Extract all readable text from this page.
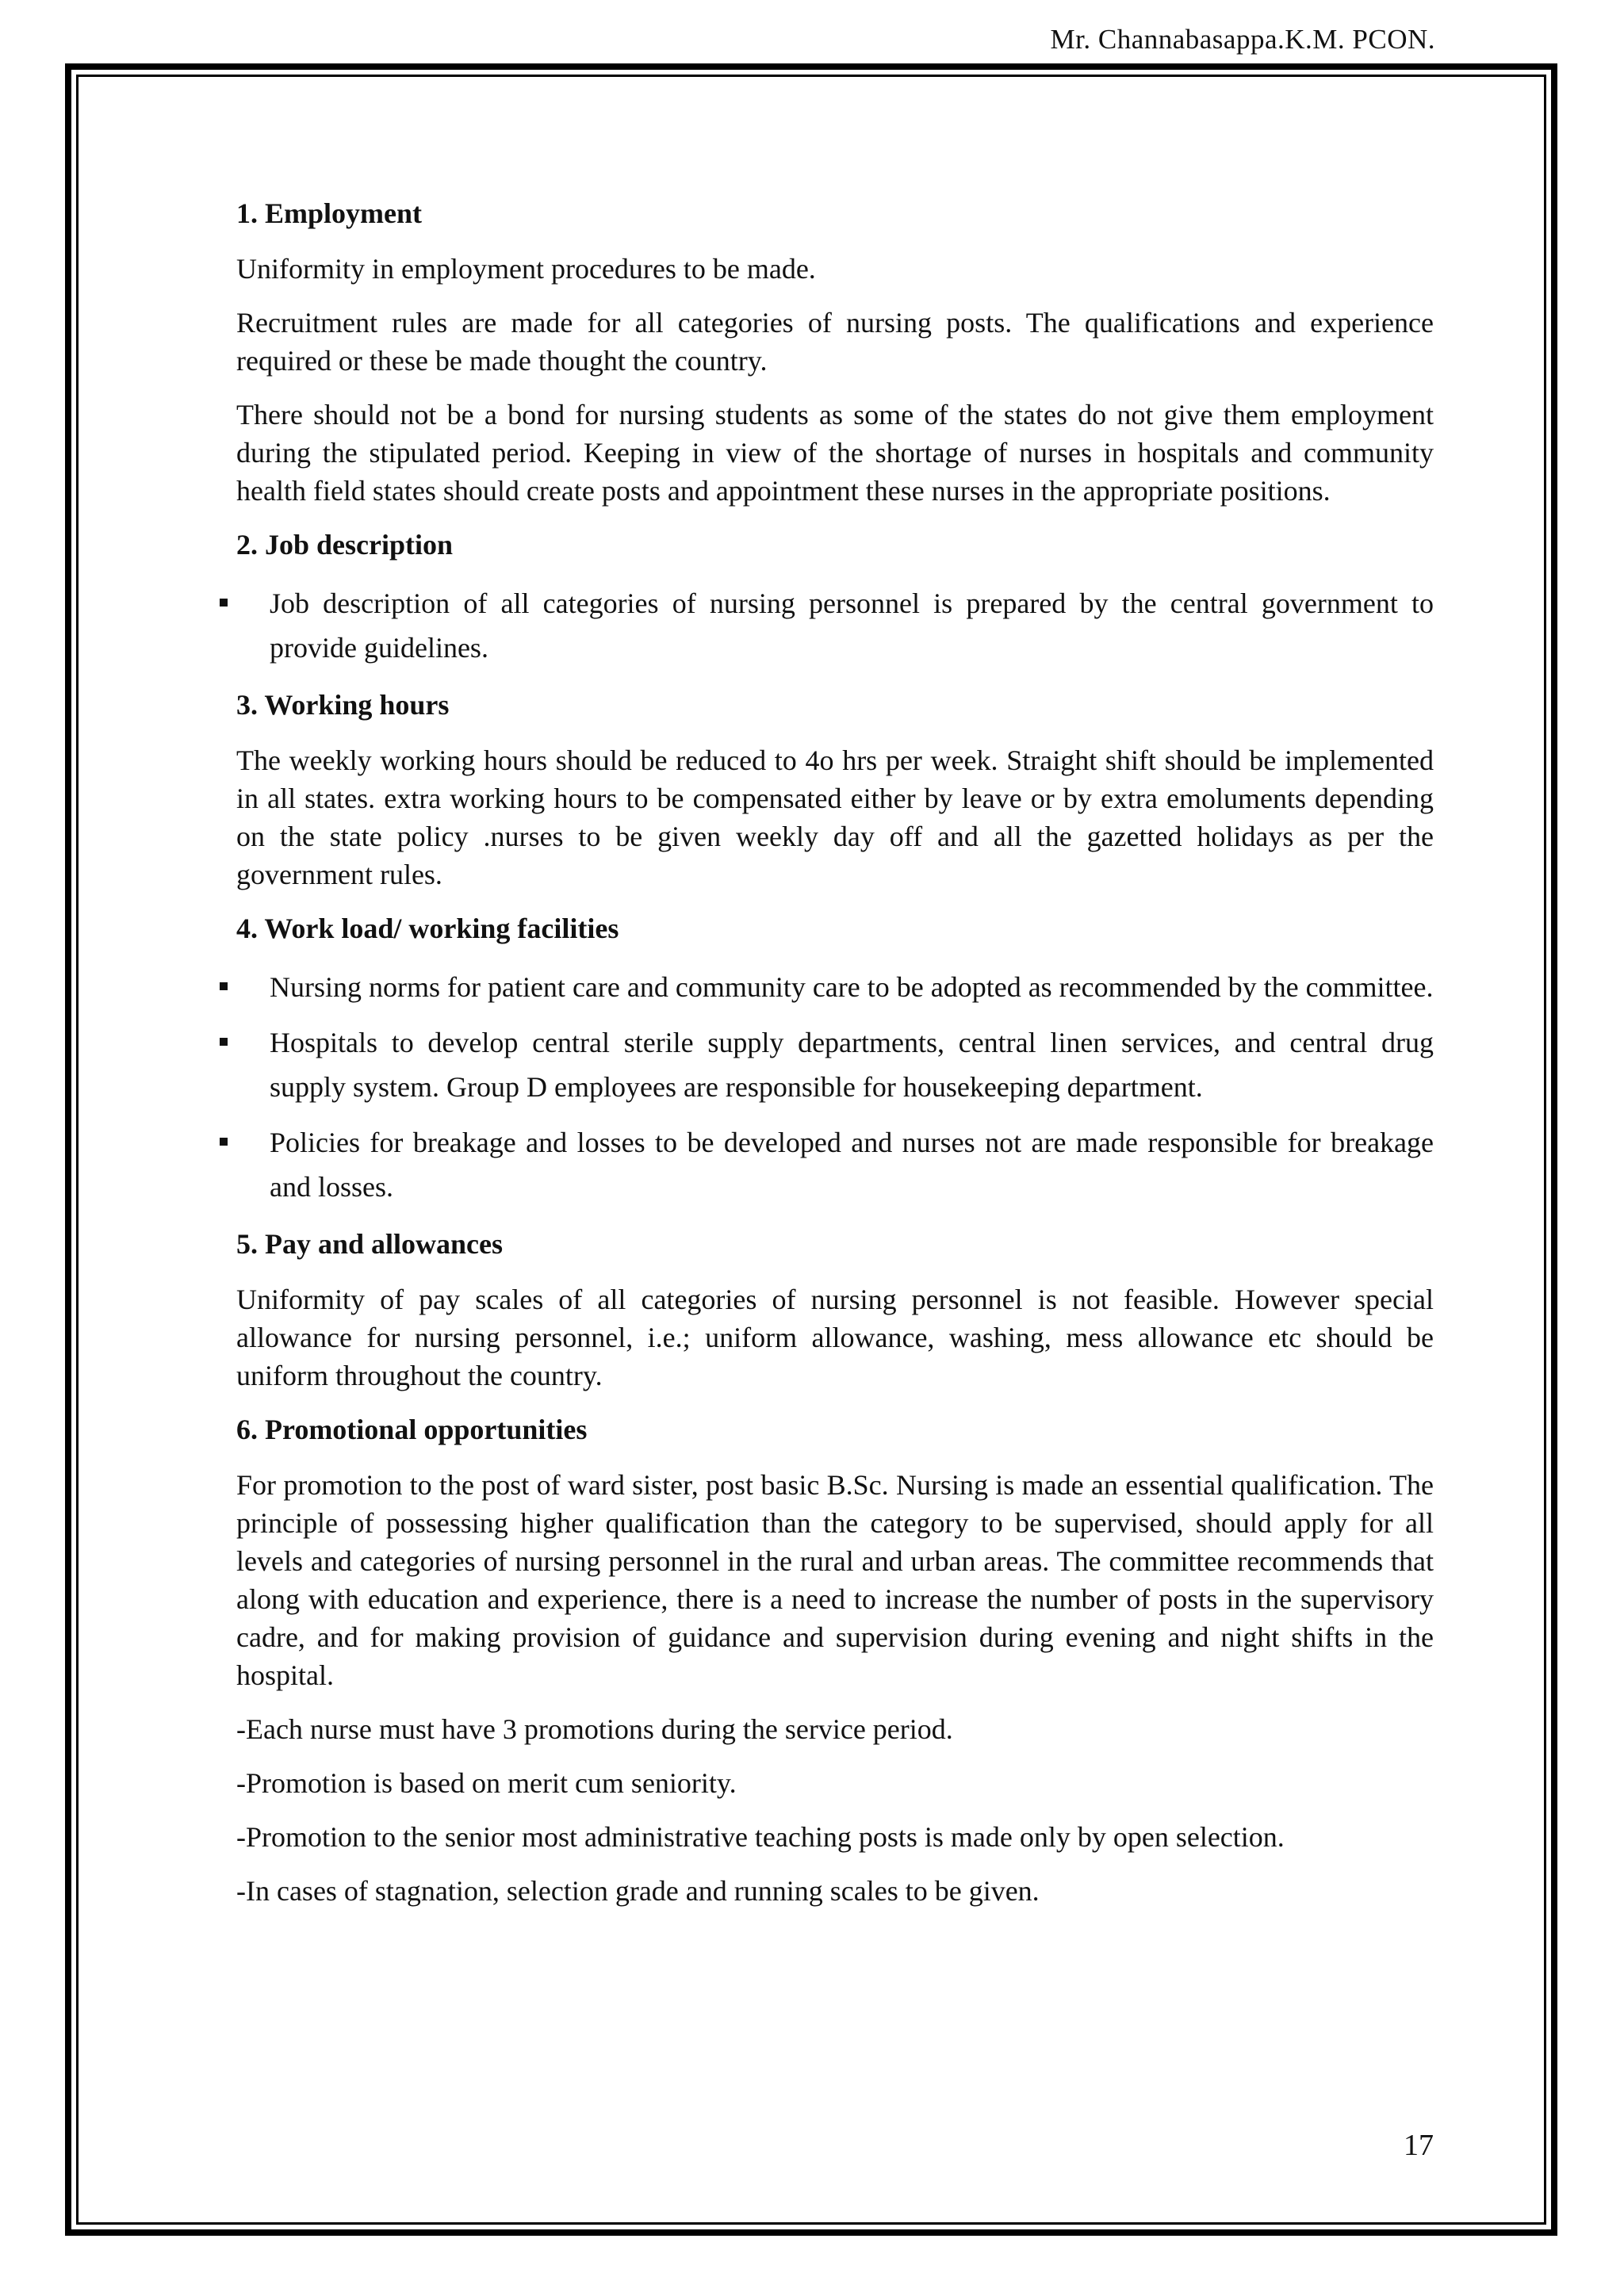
Mr. Channabasappa.K.M. PCON.
1. Employment

Uniformity in employment procedures to be made.

Recruitment rules are made for all categories of nursing posts. The qualifications and experience required or these be made thought the country.

There should not be a bond for nursing students as some of the states do not give them employment during the stipulated period. Keeping in view of the shortage of nurses in hospitals and community health field states should create posts and appointment these nurses in the appropriate positions.

2. Job description
Job description of all categories of nursing personnel is prepared by the central government to provide guidelines.
3. Working hours

The weekly working hours should be reduced to 4o hrs per week. Straight shift should be implemented in all states. extra working hours to be compensated either by leave or by extra emoluments depending on the state policy .nurses to be given weekly day off and all the gazetted holidays as per the government rules.

4. Work load/ working facilities
Nursing norms for patient care and community care to be adopted as recommended by the committee.
Hospitals to develop central sterile supply departments, central linen services, and central drug supply system. Group D employees are responsible for housekeeping department.
Policies for breakage and losses to be developed and nurses not are made responsible for breakage and losses.
5. Pay and allowances

Uniformity of pay scales of all categories of nursing personnel is not feasible. However special allowance for nursing personnel, i.e.; uniform allowance, washing, mess allowance etc should be uniform throughout the country.

6. Promotional opportunities

For promotion to the post of ward sister, post basic B.Sc. Nursing is made an essential qualification. The principle of possessing higher qualification than the category to be supervised, should apply for all levels and categories of nursing personnel in the rural and urban areas. The committee recommends that along with education and experience, there is a need to increase the number of posts in the supervisory cadre, and for making provision of guidance and supervision during evening and night shifts in the hospital.

-Each nurse must have 3 promotions during the service period.

-Promotion is based on merit cum seniority.

-Promotion to the senior most administrative teaching posts is made only by open selection.

-In cases of stagnation, selection grade and running scales to be given.

17
